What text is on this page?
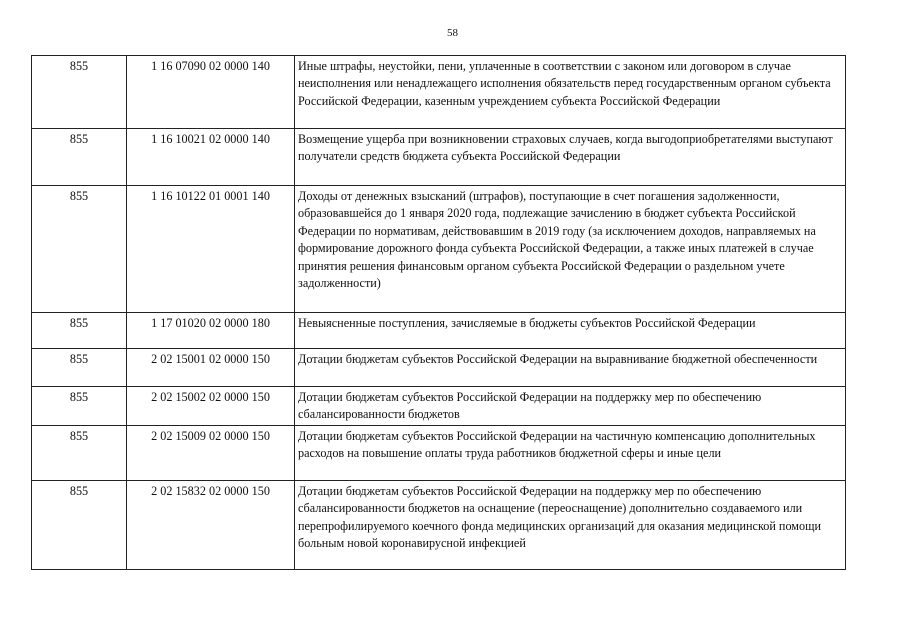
58
855	1 16 07090 02 0000 140	Иные штрафы, неустойки, пени, уплаченные в соответствии с законом или договором в случае неисполнения или ненадлежащего исполнения обязательств перед государственным органом субъекта Российской Федерации, казенным учреждением субъекта Российской Федерации
855	1 16 10021 02 0000 140	Возмещение ущерба при возникновении страховых случаев, когда выгодоприобретателями выступают получатели средств бюджета субъекта Российской Федерации
855	1 16 10122 01 0001 140	Доходы от денежных взысканий (штрафов), поступающие в счет погашения задолженности, образовавшейся до 1 января 2020 года, подлежащие зачислению в бюджет субъекта Российской Федерации по нормативам, действовавшим в 2019 году (за исключением доходов, направляемых на формирование дорожного фонда субъекта Российской Федерации, а также иных платежей в случае принятия решения финансовым органом субъекта Российской Федерации о раздельном учете задолженности)
855	1 17 01020 02 0000 180	Невыясненные поступления, зачисляемые в бюджеты субъектов Российской Федерации
855	2 02 15001 02 0000 150	Дотации бюджетам субъектов Российской Федерации на выравнивание бюджетной обеспеченности
855	2 02 15002 02 0000 150	Дотации бюджетам субъектов Российской Федерации на поддержку мер по обеспечению сбалансированности бюджетов
855	2 02 15009 02 0000 150	Дотации бюджетам субъектов Российской Федерации на частичную компенсацию дополнительных расходов на повышение оплаты труда работников бюджетной сферы и иные цели
855	2 02 15832 02 0000 150	Дотации бюджетам субъектов Российской Федерации на поддержку мер по обеспечению сбалансированности бюджетов на оснащение (переоснащение) дополнительно создаваемого или перепрофилируемого коечного фонда медицинских организаций для оказания медицинской помощи больным новой коронавирусной инфекцией
